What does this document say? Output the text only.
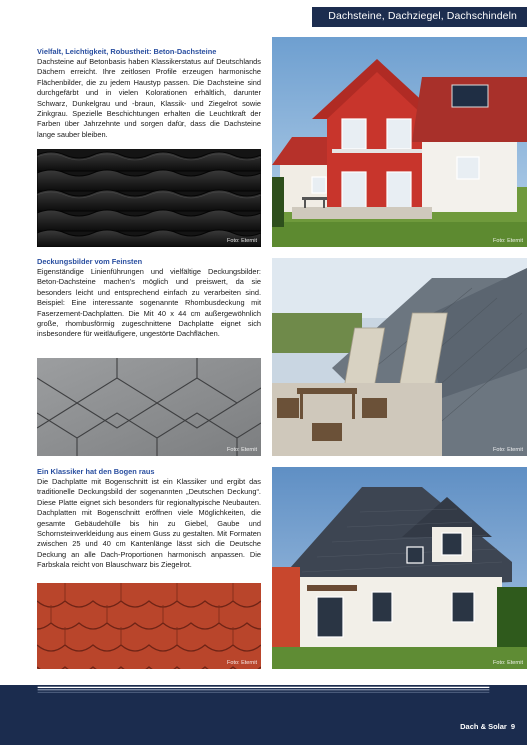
Dachsteine, Dachziegel, Dachschindeln
Vielfalt, Leichtigkeit, Robustheit: Beton-Dachsteine
Dachsteine auf Betonbasis haben Klassikerstatus auf Deutschlands Dächern erreicht. Ihre zeitlosen Profile erzeugen harmonische Flächenbilder, die zu jedem Haustyp passen. Die Dachsteine sind durchgefärbt und in vielen Kolorationen erhältlich, darunter Schwarz, Dunkelgrau und -braun, Klassik- und Ziegelrot sowie Zinkgrau. Spezielle Beschichtungen erhalten die Leuchtkraft der Farben über Jahrzehnte und sorgen dafür, dass die Dachsteine lange sauber bleiben.
Foto: Eternit	Foto: Eternit
Deckungsbilder vom Feinsten
Eigenständige Linienführungen und vielfältige Deckungsbilder: Beton-Dachsteine machen’s möglich und preiswert, da sie besonders leicht und entsprechend einfach zu verarbeiten sind. Beispiel: Eine interessante sogenannte Rhombusdeckung mit Faserzement-Dachplatten. Die Mit 40 x 44 cm außergewöhnlich große, rhombusförmig zugeschnittene Dachplatte eignet sich insbesondere für weitläufigere, ungestörte Dachflächen.
Foto: Eternit	Foto: Eternit
Ein Klassiker hat den Bogen raus
Die Dachplatte mit Bogenschnitt ist ein Klassiker und ergibt das traditionelle Deckungsbild der sogenannten „Deutschen Deckung“. Diese Platte eignet sich besonders für regionaltypische Neubauten. Dachplatten mit Bogenschnitt eröffnen viele Möglichkeiten, die gesamte Gebäudehülle bis hin zu Giebel, Gaube und Schornsteinverkleidung aus einem Guss zu gestalten. Mit Formaten zwischen 25 und 40 cm Kantenlänge lässt sich die Deutsche Deckung an alle Dach-Proportionen harmonisch anpassen. Die Farbskala reicht von Blauschwarz bis Ziegelrot.
Foto: Eternit	Foto: Eternit
Dach & Solar 9
